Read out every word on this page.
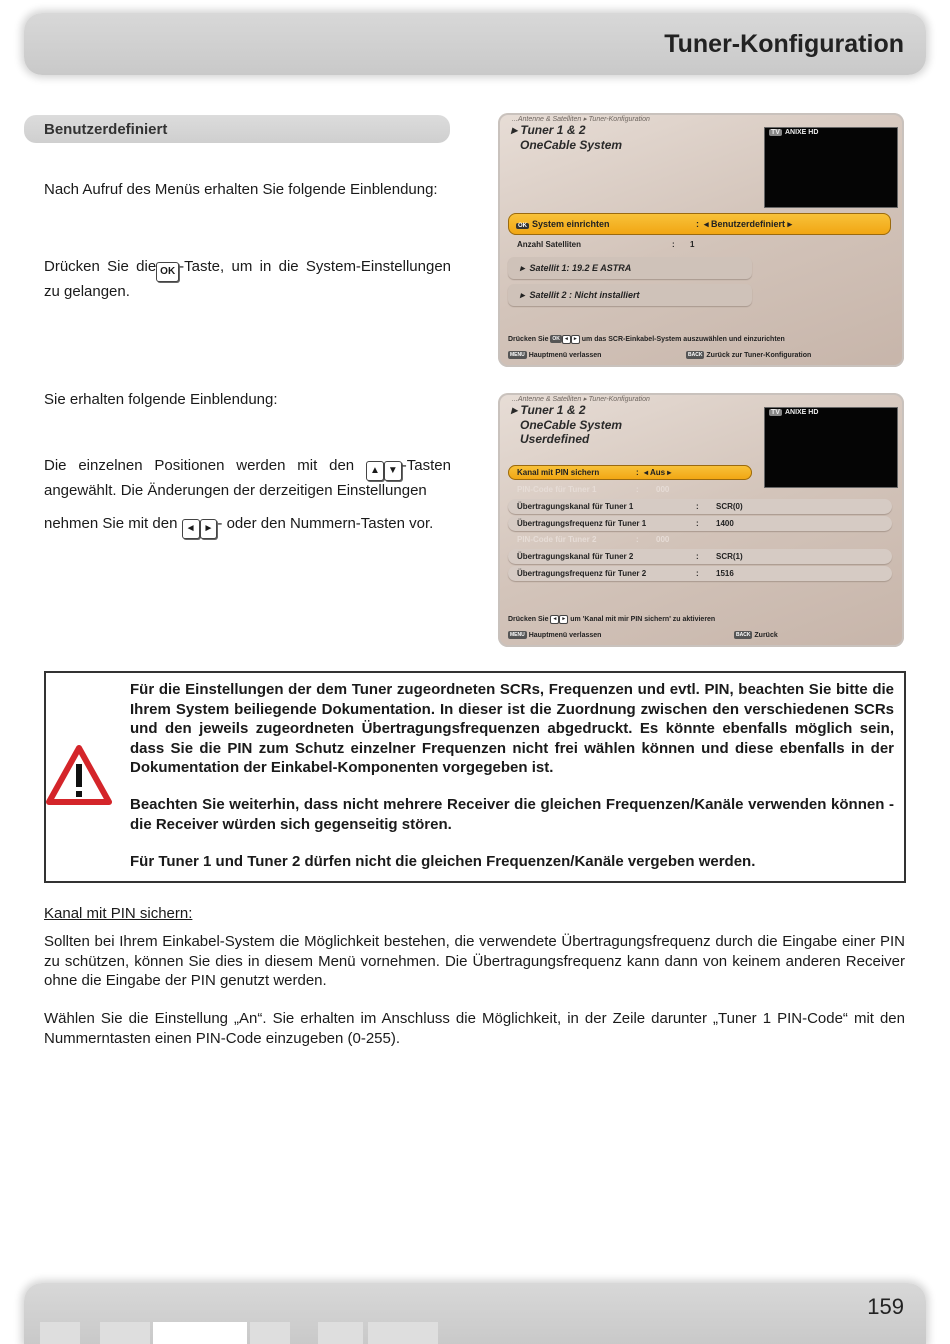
Tuner-Konfiguration
Benutzerdefiniert
Nach Aufruf des Menüs erhalten Sie folgende Einblendung:
Drücken Sie die OK -Taste, um in die System-Einstellungen zu gelangen.
Sie erhalten folgende Einblendung:
Die einzelnen Positionen werden mit den ▲ ▼ -Tasten angewählt. Die Änderungen der derzeitigen Einstellungen
nehmen Sie mit den ◄ ► - oder den Nummern-Tasten vor.
...Antenne & Satelliten ▸ Tuner-Konfiguration
▸ Tuner 1 & 2
OneCable System
TV ANIXE HD
OK System einrichten	: ◂ Benutzerdefiniert ▸
Anzahl Satelliten	: 1
▸  Satellit 1: 19.2 E ASTRA
▸  Satellit 2 : Nicht installiert
Drücken Sie OK ◄ ► um das SCR-Einkabel-System auszuwählen und einzurichten
MENU Hauptmenü verlassen	BACK Zurück zur Tuner-Konfiguration
...Antenne & Satelliten ▸ Tuner-Konfiguration
▸ Tuner 1 & 2
OneCable System
Userdefined
TV ANIXE HD
Kanal mit PIN sichern	: ◂ Aus ▸
PIN-Code für Tuner 1	: 000
Übertragungskanal für Tuner 1	: SCR(0)
Übertragungsfrequenz für Tuner 1	: 1400
PIN-Code für Tuner 2	: 000
Übertragungskanal für Tuner 2	: SCR(1)
Übertragungsfrequenz für Tuner 2	: 1516
Drücken Sie ◄ ► um 'Kanal mit mir PIN sichern' zu aktivieren
MENU Hauptmenü verlassen	BACK Zurück
Für die Einstellungen der dem Tuner zugeordneten SCRs, Frequenzen und evtl. PIN, beachten Sie bitte die Ihrem System beiliegende Dokumentation. In dieser ist die Zuordnung zwischen den verschiedenen SCRs und den jeweils zugeordneten Übertragungsfrequenzen abgedruckt. Es könnte ebenfalls möglich sein, dass Sie die PIN zum Schutz einzelner Frequenzen nicht frei wählen können und diese ebenfalls in der Dokumentation der Einkabel-Komponenten vorgegeben ist.
Beachten Sie weiterhin, dass nicht mehrere Receiver die gleichen Frequenzen/Kanäle verwenden können - die Receiver würden sich gegenseitig stören.
Für Tuner 1 und Tuner 2 dürfen nicht die gleichen Frequenzen/Kanäle vergeben werden.
Kanal mit PIN sichern:
Sollten bei Ihrem Einkabel-System die Möglichkeit bestehen, die verwendete Übertragungsfrequenz durch die Eingabe einer PIN zu schützen, können Sie dies in diesem Menü vornehmen. Die Übertragungsfrequenz kann dann von keinem anderen Receiver ohne die Eingabe der PIN genutzt werden.
Wählen Sie die Einstellung „An“. Sie erhalten im Anschluss die Möglichkeit, in der Zeile darunter „Tuner 1 PIN-Code“ mit den Nummerntasten einen PIN-Code einzugeben (0-255).
159
